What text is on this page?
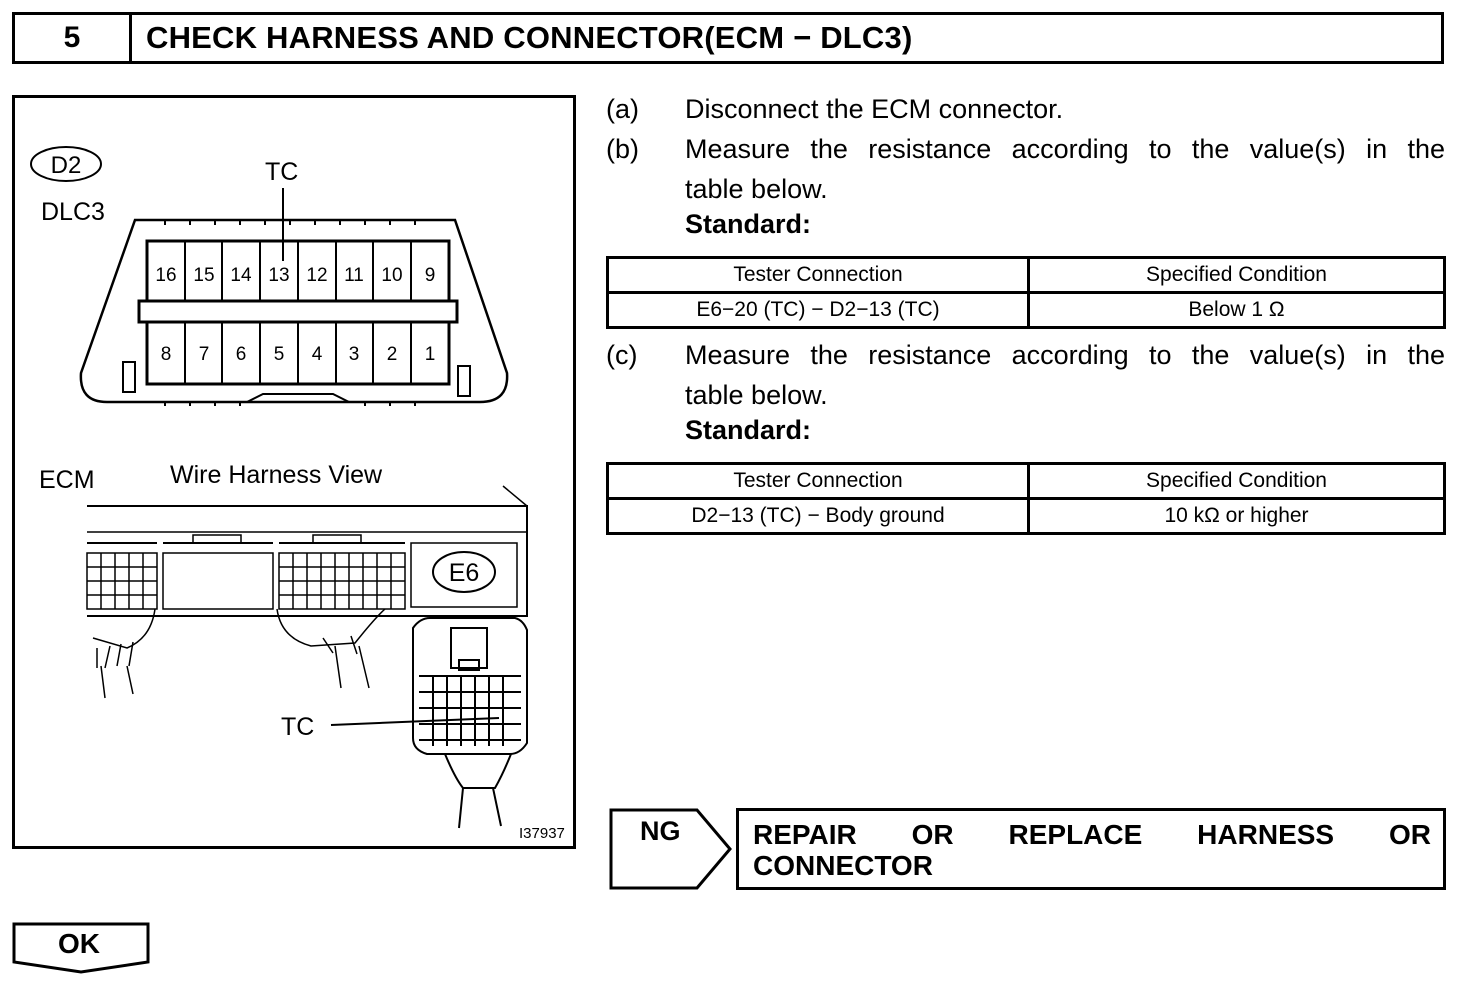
5	CHECK HARNESS AND CONNECTOR(ECM − DLC3)
D2
DLC3
TC
16 15 14 13 12 11 10 9
8 7 6 5 4 3 2 1
ECM	Wire Harness View
E6
TC
I37937
(a)	Disconnect the ECM connector.
(b)	Measure the resistance according to the value(s) in the
table below.
Standard:
Tester Connection	Specified Condition
E6−20 (TC) − D2−13 (TC)	Below 1 Ω
(c)	Measure the resistance according to the value(s) in the
table below.
Standard:
Tester Connection	Specified Condition
D2−13 (TC) − Body ground	10 kΩ or higher
NG	REPAIR OR REPLACE HARNESS OR
CONNECTOR
OK
